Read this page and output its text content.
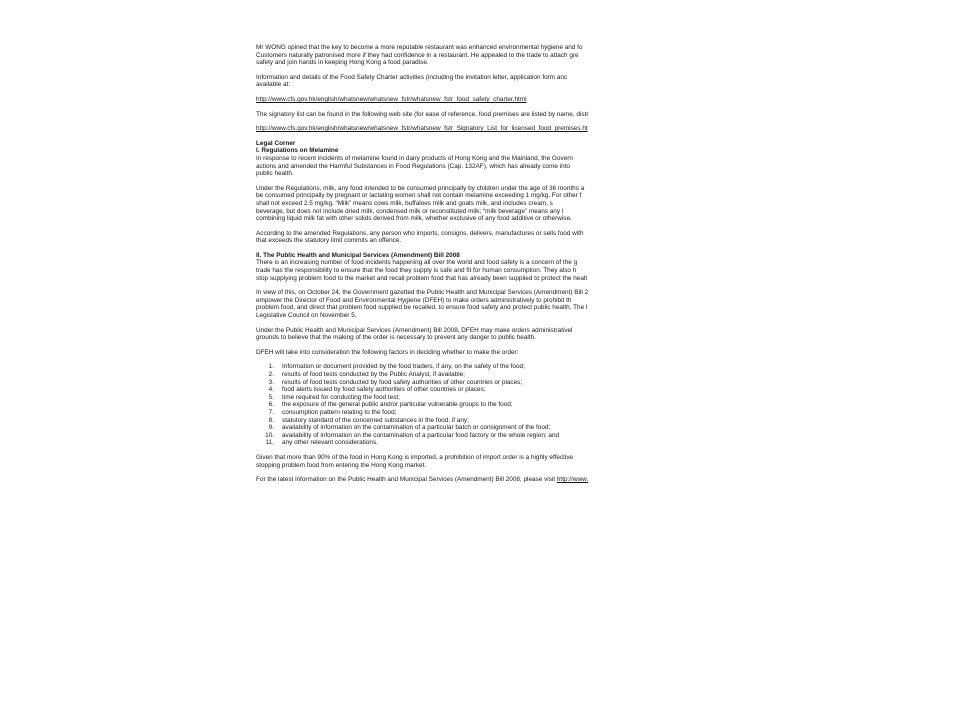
Mr WONG opined that the key to become a more reputable restaurant was enhanced environmental hygiene and fo

Customers naturally patronised more if they had confidence in a restaurant. He appealed to the trade to attach gre

safety and join hands in keeping Hong Kong a food paradise.

Information and details of the Food Safety Charter activities (including the invitation letter, application form anc

available at:

http://www.cfs.gov.hk/english/whatsnew/whatsnew_fstr/whatsnew_fstr_food_safety_charter.html

The signatory list can be found in the following web site (for ease of reference, food premises are listed by name, distr

http://www.cfs.gov.hk/english/whatsnew/whatsnew_fstr/whatsnew_fstr_Signatory_List_for_licensed_food_premises.ht

Legal Corner

I. Regulations on Melamine

In response to recent incidents of melamine found in dairy products of Hong Kong and the Mainland, the Govern

actions and amended the Harmful Substances in Food Regulations (Cap. 132AF), which has already come into

public health.

Under the Regulations, milk, any food intended to be consumed principally by children under the age of 36 months a

be consumed principally by pregnant or lactating women shall not contain melamine exceeding 1 mg/kg. For other f

shall not exceed 2.5 mg/kg. “Milk” means cows milk, buffaloes milk and goats milk, and includes cream, s

beverage, but does not include dried milk, condensed milk or reconstituted milk; “milk beverage” means any l

combining liquid milk fat with other solids derived from milk, whether exclusive of any food additive or otherwise.

According to the amended Regulations, any person who imports, consigns, delivers, manufactures or sells food with

that exceeds the statutory limit commits an offence.

II. The Public Health and Municipal Services (Amendment) Bill 2008

There is an increasing number of food incidents happening all over the world and food safety is a concern of the g

trade has the responsibility to ensure that the food they supply is safe and fit for human consumption. They also h

stop supplying problem food to the market and recall problem food that has already been supplied to protect the healt

In view of this, on October 24, the Government gazetted the Public Health and Municipal Services (Amendment) Bill 2

empower the Director of Food and Environmental Hygiene (DFEH) to make orders administratively to prohibit th

problem food, and direct that problem food supplied be recalled, to ensure food safety and protect public health. The l

Legislative Council on November 5.

Under the Public Health and Municipal Services (Amendment) Bill 2008, DFEH may make orders administrativel

grounds to believe that the making of the order is necessary to prevent any danger to public health.

DFEH will take into consideration the following factors in deciding whether to make the order:

1. Information or document provided by the food traders, if any, on the safety of the food;
2. results of food tests conducted by the Public Analyst, if available;
3. results of food tests conducted by food safety authorities of other countries or places;
4. food alerts issued by food safety authorities of other countries or places;
5. time required for conducting the food test;
6. the exposure of the general public and/or particular vulnerable groups to the food;
7. consumption pattern relating to the food;
8. statutory standard of the concerned substances in the food, if any;
9. availability of information on the contamination of a particular batch or consignment of the food;
10. availability of information on the contamination of a particular food factory or the whole region; and
11. any other relevant considerations.

Given that more than 90% of the food in Hong Kong is imported, a prohibition of import order is a highly effective

stopping problem food from entering the Hong Kong market.

For the latest information on the Public Health and Municipal Services (Amendment) Bill 2008, please visit http://www.
